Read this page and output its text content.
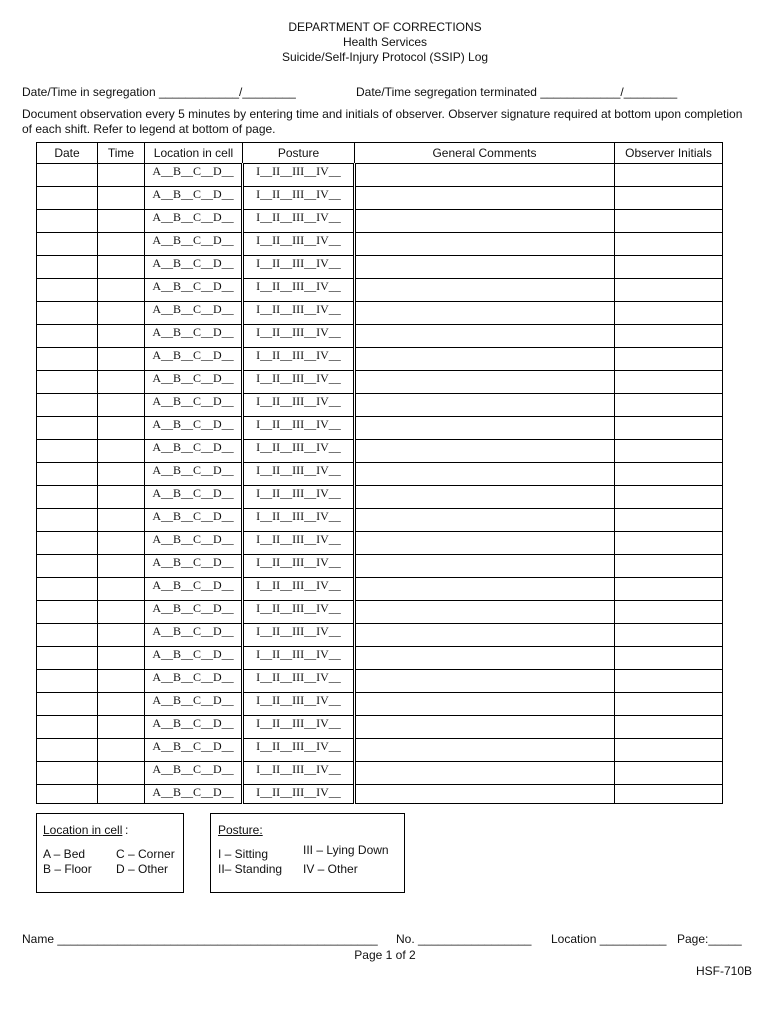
DEPARTMENT OF CORRECTIONS
Health Services
Suicide/Self-Injury Protocol (SSIP) Log
Date/Time in segregation ____________/________	Date/Time segregation terminated ____________/________
Document observation every 5 minutes by entering time and initials of observer. Observer signature required at bottom upon completion of each shift. Refer to legend at bottom of page.
Date	Time	Location in cell	Posture	General Comments	Observer Initials
		A__B__C__D__	I__II__III__IV__		
		A__B__C__D__	I__II__III__IV__		
		A__B__C__D__	I__II__III__IV__		
		A__B__C__D__	I__II__III__IV__		
		A__B__C__D__	I__II__III__IV__		
		A__B__C__D__	I__II__III__IV__		
		A__B__C__D__	I__II__III__IV__		
		A__B__C__D__	I__II__III__IV__		
		A__B__C__D__	I__II__III__IV__		
		A__B__C__D__	I__II__III__IV__		
		A__B__C__D__	I__II__III__IV__		
		A__B__C__D__	I__II__III__IV__		
		A__B__C__D__	I__II__III__IV__		
		A__B__C__D__	I__II__III__IV__		
		A__B__C__D__	I__II__III__IV__		
		A__B__C__D__	I__II__III__IV__		
		A__B__C__D__	I__II__III__IV__		
		A__B__C__D__	I__II__III__IV__		
		A__B__C__D__	I__II__III__IV__		
		A__B__C__D__	I__II__III__IV__		
		A__B__C__D__	I__II__III__IV__		
		A__B__C__D__	I__II__III__IV__		
		A__B__C__D__	I__II__III__IV__		
		A__B__C__D__	I__II__III__IV__		
		A__B__C__D__	I__II__III__IV__		
		A__B__C__D__	I__II__III__IV__		
		A__B__C__D__	I__II__III__IV__		
		A__B__C__D__	I__II__III__IV__		
Location in cell :
A – Bed	C – Corner
B – Floor D – Other
Posture:
I – Sitting	III – Lying Down
II– Standing IV – Other
Name ________________________________________________ No. _________________ Location __________ Page:_____
Page 1 of 2
HSF-710B
